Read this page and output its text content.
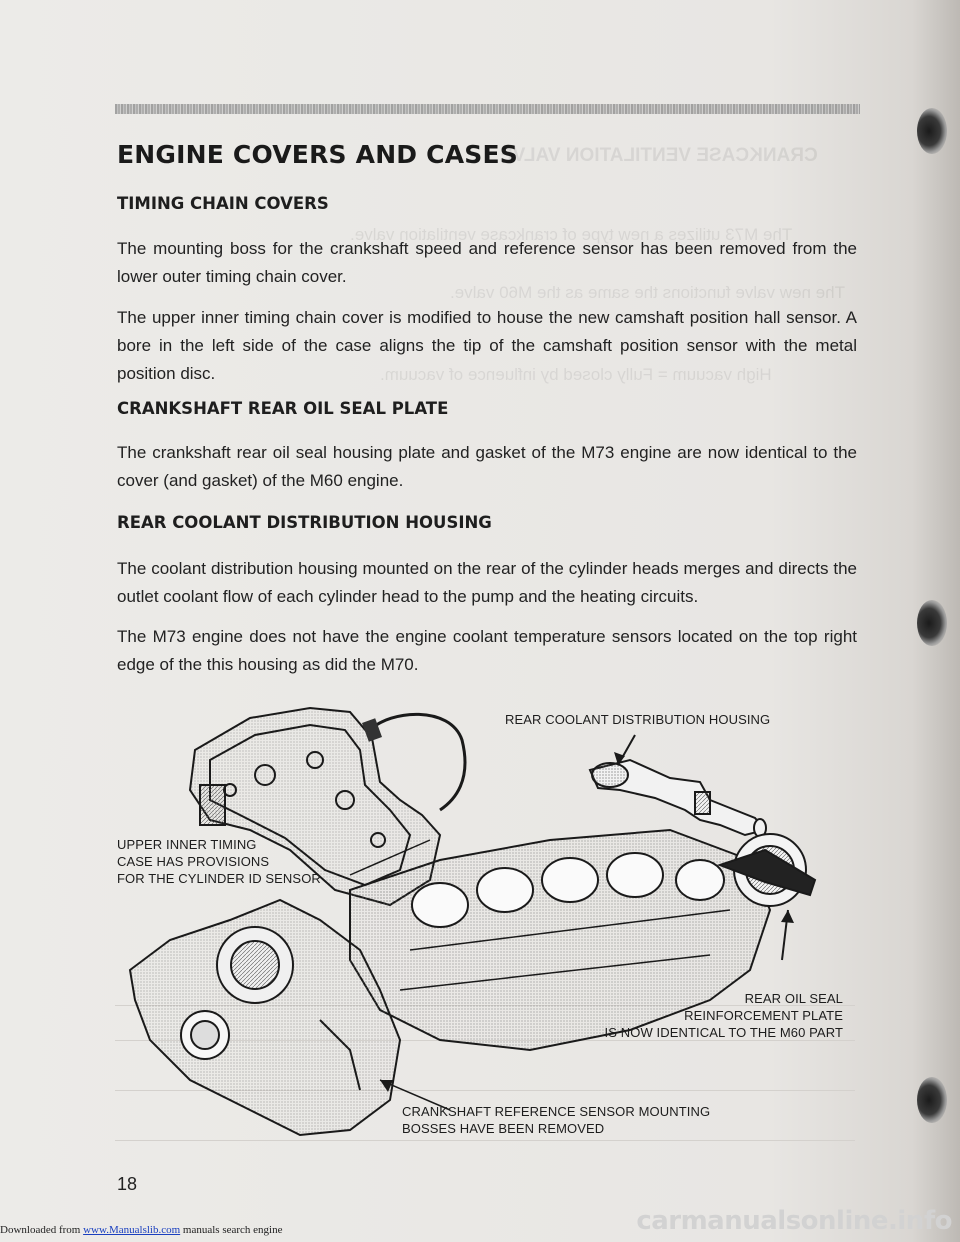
CRANKCASE VENTILATION VALVE
The M73 utilizes a new type of crankcase ventilation valve.
The new valve functions the same as the M60 valve.
High vacuum = Fully closed by influence of vacuum.
ENGINE COVERS AND CASES
TIMING CHAIN COVERS

The mounting boss for the crankshaft speed and reference sensor has been removed from the lower outer timing chain cover.

The upper inner timing chain cover is modified to house the new camshaft position hall sensor. A bore in the left side of the case aligns the tip of the camshaft position sensor with the metal position disc.

CRANKSHAFT REAR OIL SEAL PLATE

The crankshaft rear oil seal housing plate and gasket of the M73 engine are now identical to the cover (and gasket) of the M60 engine.

REAR COOLANT DISTRIBUTION HOUSING

The coolant distribution housing mounted on the rear of the cylinder heads merges and directs the outlet coolant flow of each cylinder head to the pump and the heating circuits.

The M73 engine does not have the engine coolant temperature sensors located on the top right edge of the this housing as did the M70.

REAR COOLANT DISTRIBUTION HOUSING

UPPER INNER TIMING
CASE HAS PROVISIONS
FOR THE CYLINDER ID SENSOR

REAR OIL SEAL
REINFORCEMENT PLATE
IS NOW IDENTICAL TO THE M60 PART

CRANKSHAFT REFERENCE SENSOR MOUNTING
BOSSES HAVE BEEN REMOVED

18

Downloaded from www.Manualslib.com manuals search engine	carmanualsonline.info
